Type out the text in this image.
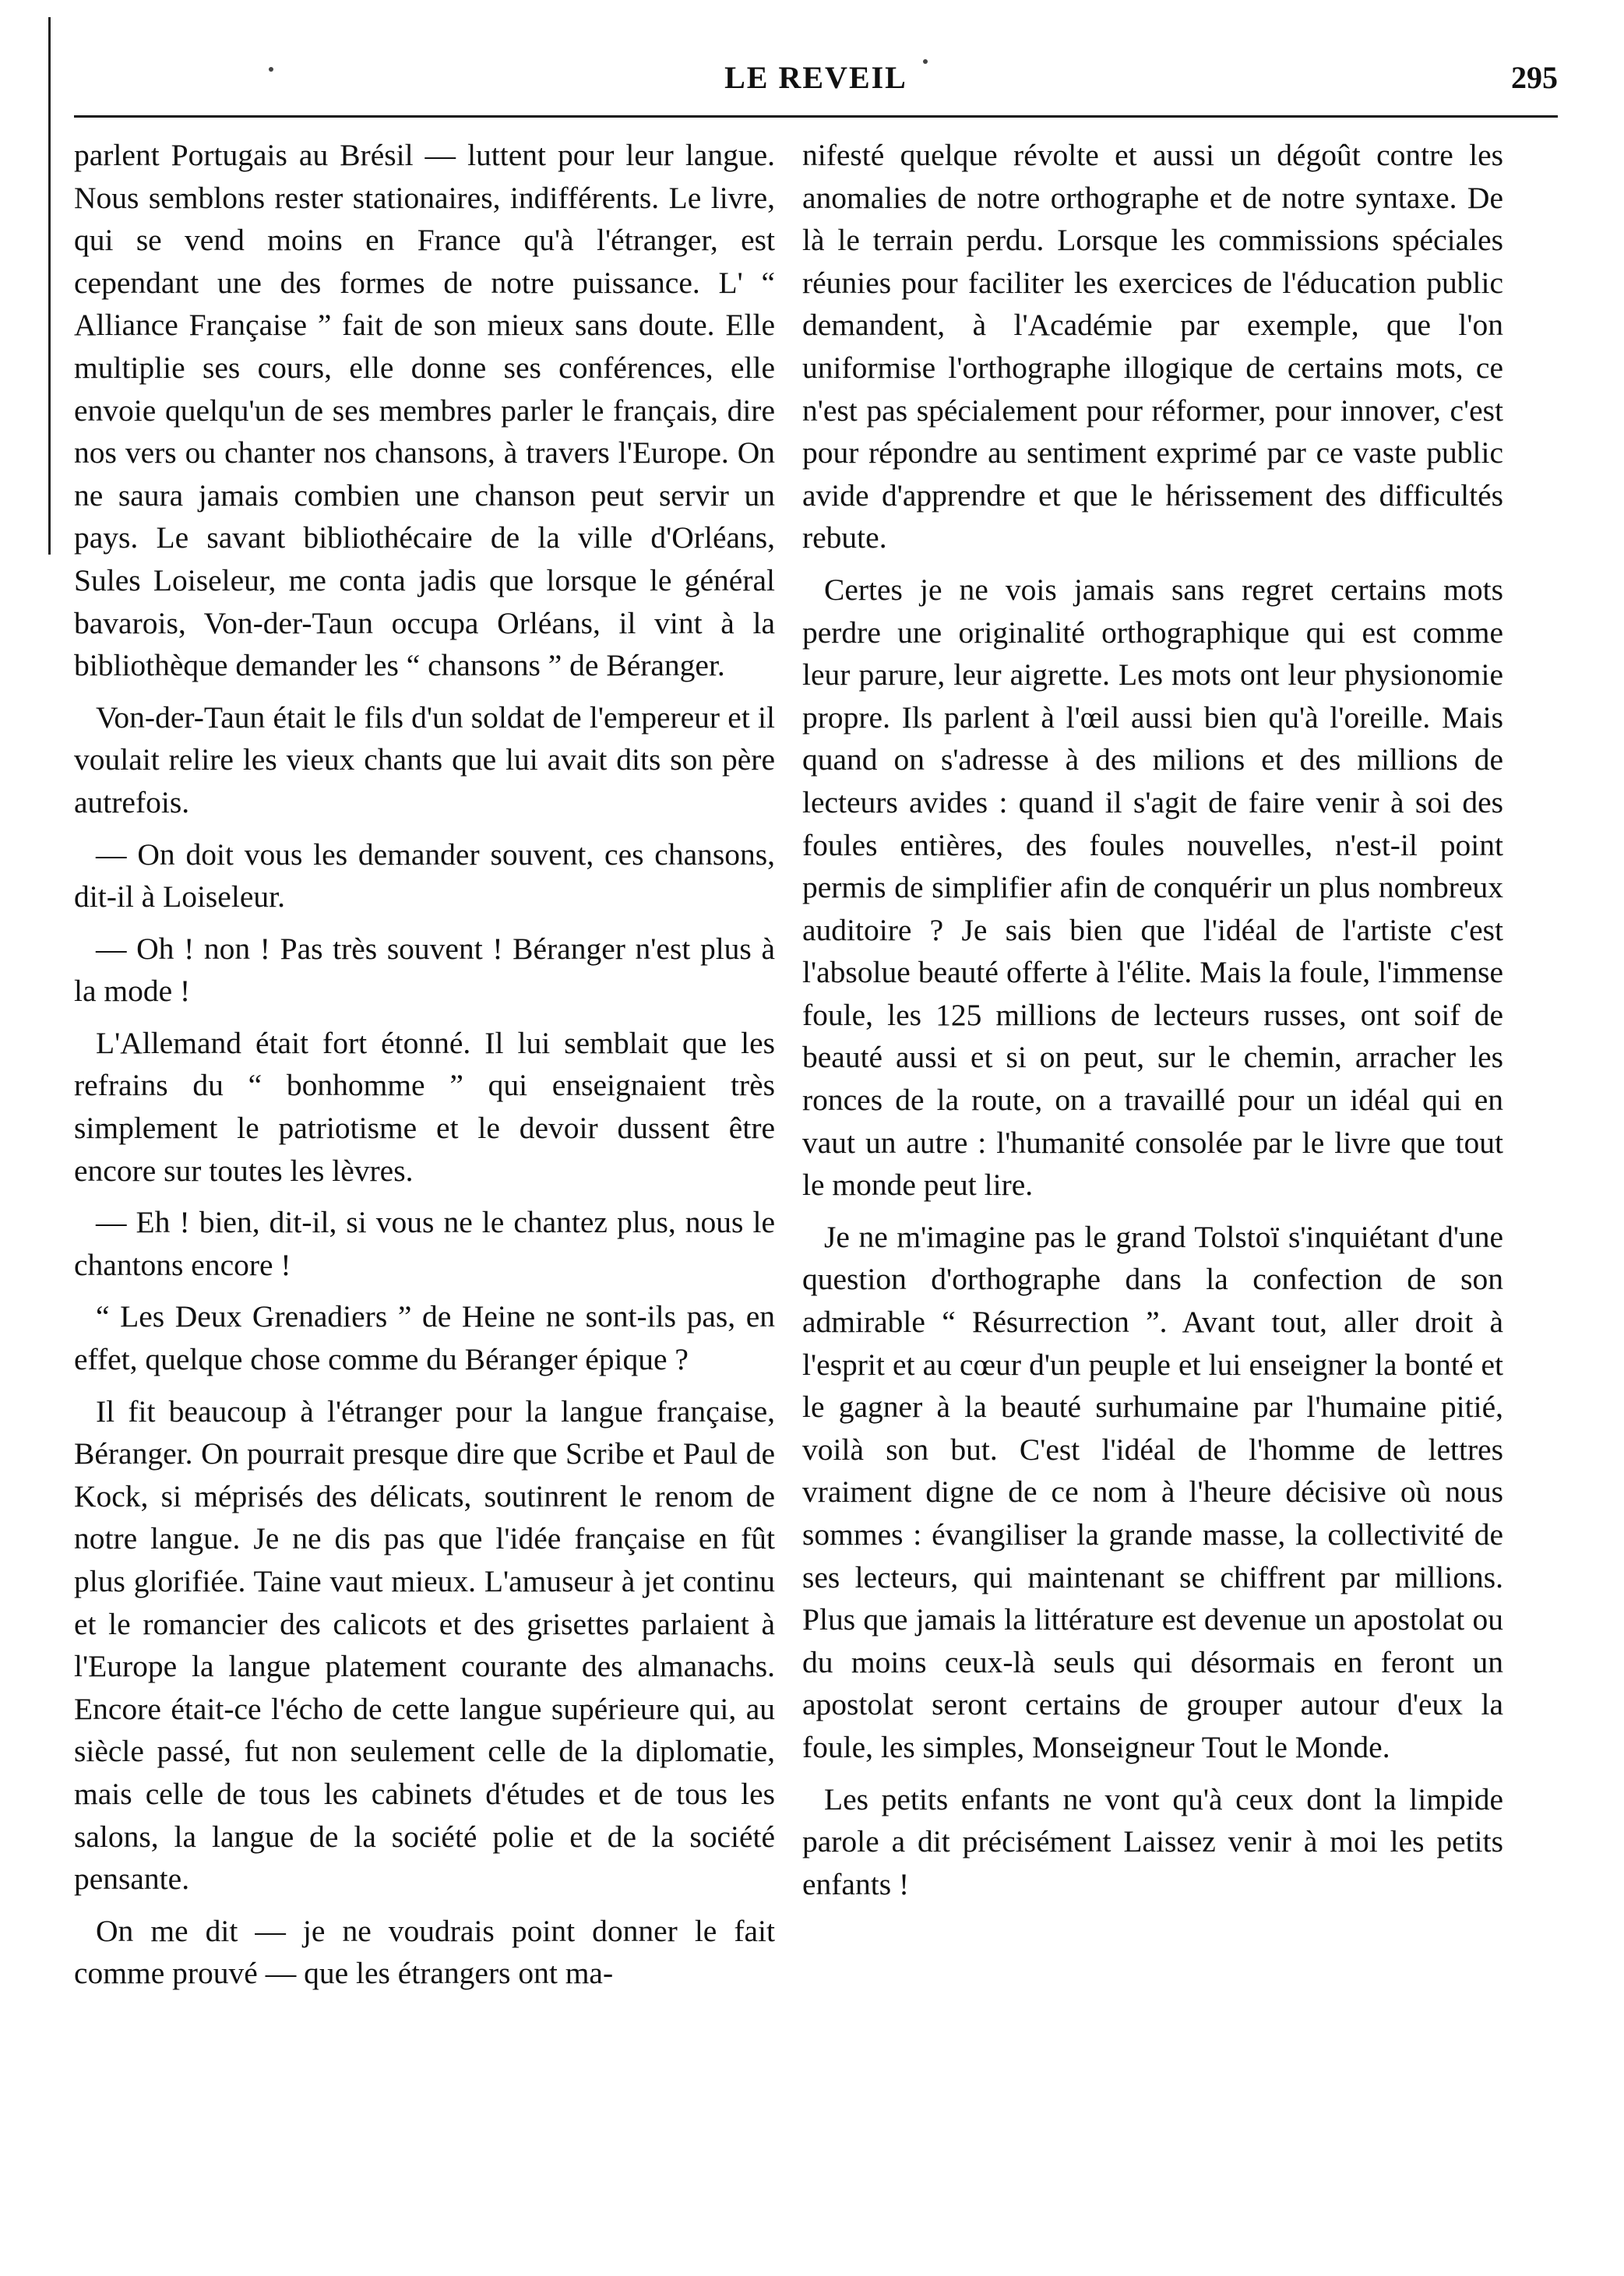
LE REVEIL	295

parlent Portugais au Brésil — luttent pour leur langue. Nous semblons rester stationaires, indifférents. Le livre, qui se vend moins en France qu'à l'étranger, est cependant une des formes de notre puissance. L' “ Alliance Française ” fait de son mieux sans doute. Elle multiplie ses cours, elle donne ses conférences, elle envoie quelqu'un de ses membres parler le français, dire nos vers ou chanter nos chansons, à travers l'Europe. On ne saura jamais combien une chanson peut servir un pays. Le savant bibliothécaire de la ville d'Orléans, Sules Loiseleur, me conta jadis que lorsque le général bavarois, Von-der-Taun occupa Orléans, il vint à la bibliothèque demander les “ chansons ” de Béranger.

Von-der-Taun était le fils d'un soldat de l'empereur et il voulait relire les vieux chants que lui avait dits son père autrefois.

— On doit vous les demander souvent, ces chansons, dit-il à Loiseleur.

— Oh ! non ! Pas très souvent ! Béranger n'est plus à la mode !

L'Allemand était fort étonné. Il lui semblait que les refrains du “ bonhomme ” qui enseignaient très simplement le patriotisme et le devoir dussent être encore sur toutes les lèvres.

— Eh ! bien, dit-il, si vous ne le chantez plus, nous le chantons encore !

“ Les Deux Grenadiers ” de Heine ne sont-ils pas, en effet, quelque chose comme du Béranger épique ?

Il fit beaucoup à l'étranger pour la langue française, Béranger. On pourrait presque dire que Scribe et Paul de Kock, si méprisés des délicats, soutinrent le renom de notre langue. Je ne dis pas que l'idée française en fût plus glorifiée. Taine vaut mieux. L'amuseur à jet continu et le romancier des calicots et des grisettes parlaient à l'Europe la langue platement courante des almanachs. Encore était-ce l'écho de cette langue supérieure qui, au siècle passé, fut non seulement celle de la diplomatie, mais celle de tous les cabinets d'études et de tous les salons, la langue de la société polie et de la société pensante.

On me dit — je ne voudrais point donner le fait comme prouvé — que les étrangers ont ma-

nifesté quelque révolte et aussi un dégoût contre les anomalies de notre orthographe et de notre syntaxe. De là le terrain perdu. Lorsque les commissions spéciales réunies pour faciliter les exercices de l'éducation public demandent, à l'Académie par exemple, que l'on uniformise l'orthographe illogique de certains mots, ce n'est pas spécialement pour réformer, pour innover, c'est pour répondre au sentiment exprimé par ce vaste public avide d'apprendre et que le hérissement des difficultés rebute.

Certes je ne vois jamais sans regret certains mots perdre une originalité orthographique qui est comme leur parure, leur aigrette. Les mots ont leur physionomie propre. Ils parlent à l'œil aussi bien qu'à l'oreille. Mais quand on s'adresse à des milions et des millions de lecteurs avides : quand il s'agit de faire venir à soi des foules entières, des foules nouvelles, n'est-il point permis de simplifier afin de conquérir un plus nombreux auditoire ? Je sais bien que l'idéal de l'artiste c'est l'absolue beauté offerte à l'élite. Mais la foule, l'immense foule, les 125 millions de lecteurs russes, ont soif de beauté aussi et si on peut, sur le chemin, arracher les ronces de la route, on a travaillé pour un idéal qui en vaut un autre : l'humanité consolée par le livre que tout le monde peut lire.

Je ne m'imagine pas le grand Tolstoï s'inquiétant d'une question d'orthographe dans la confection de son admirable “ Résurrection ”. Avant tout, aller droit à l'esprit et au cœur d'un peuple et lui enseigner la bonté et le gagner à la beauté surhumaine par l'humaine pitié, voilà son but. C'est l'idéal de l'homme de lettres vraiment digne de ce nom à l'heure décisive où nous sommes : évangiliser la grande masse, la collectivité de ses lecteurs, qui maintenant se chiffrent par millions. Plus que jamais la littérature est devenue un apostolat ou du moins ceux-là seuls qui désormais en feront un apostolat seront certains de grouper autour d'eux la foule, les simples, Monseigneur Tout le Monde.

Les petits enfants ne vont qu'à ceux dont la limpide parole a dit précisément Laissez venir à moi les petits enfants !
